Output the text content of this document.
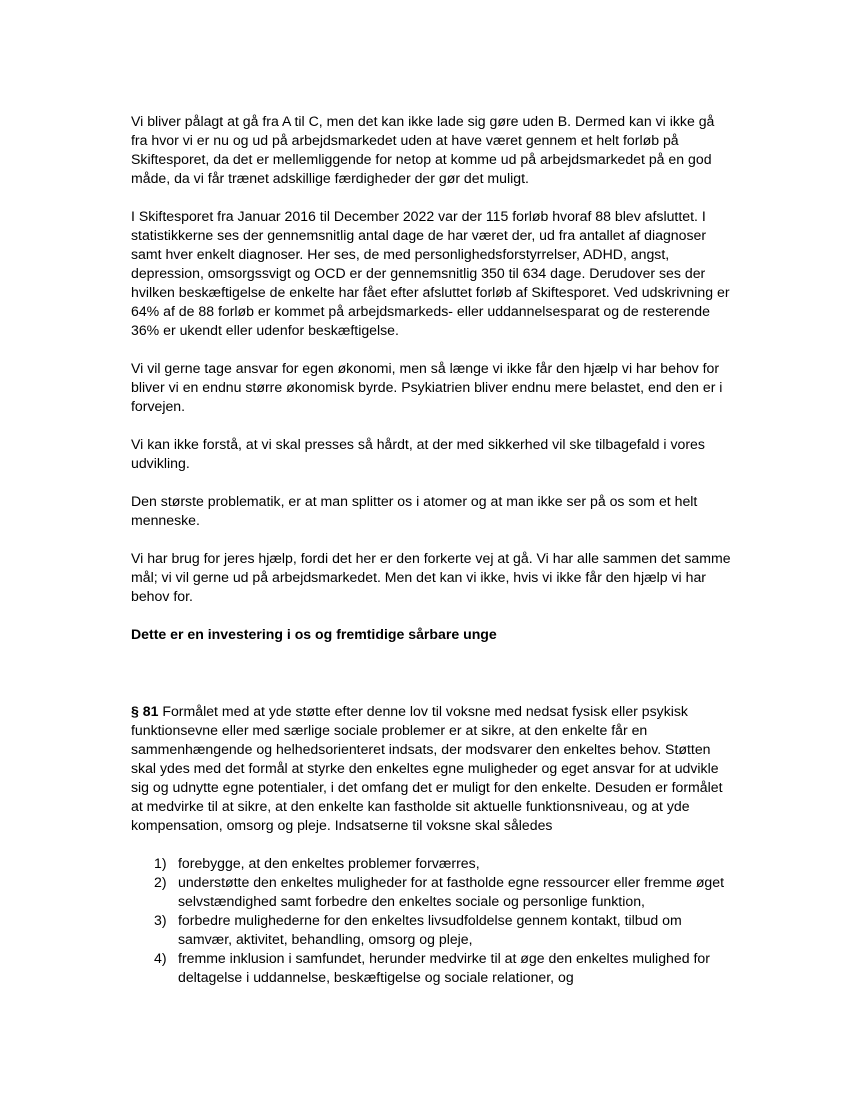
Vi bliver pålagt at gå fra A til C, men det kan ikke lade sig gøre uden B. Dermed kan vi ikke gå fra hvor vi er nu og ud på arbejdsmarkedet uden at have været gennem et helt forløb på Skiftesporet, da det er mellemliggende for netop at komme ud på arbejdsmarkedet på en god måde, da vi får trænet adskillige færdigheder der gør det muligt.

I Skiftesporet fra Januar 2016 til December 2022 var der 115 forløb hvoraf 88 blev afsluttet. I statistikkerne ses der gennemsnitlig antal dage de har været der, ud fra antallet af diagnoser samt hver enkelt diagnoser. Her ses, de med personlighedsforstyrrelser, ADHD, angst, depression, omsorgssvigt og OCD er der gennemsnitlig 350 til 634 dage. Derudover ses der hvilken beskæftigelse de enkelte har fået efter afsluttet forløb af Skiftesporet. Ved udskrivning er 64% af de 88 forløb er kommet på arbejdsmarkeds- eller uddannelsesparat og de resterende 36% er ukendt eller udenfor beskæftigelse.

Vi vil gerne tage ansvar for egen økonomi, men så længe vi ikke får den hjælp vi har behov for bliver vi en endnu større økonomisk byrde. Psykiatrien bliver endnu mere belastet, end den er i forvejen.

Vi kan ikke forstå, at vi skal presses så hårdt, at der med sikkerhed vil ske tilbagefald i vores udvikling.

Den største problematik, er at man splitter os i atomer og at man ikke ser på os som et helt menneske.

Vi har brug for jeres hjælp, fordi det her er den forkerte vej at gå. Vi har alle sammen det samme mål; vi vil gerne ud på arbejdsmarkedet. Men det kan vi ikke, hvis vi ikke får den hjælp vi har behov for.

Dette er en investering i os og fremtidige sårbare unge

§ 81 Formålet med at yde støtte efter denne lov til voksne med nedsat fysisk eller psykisk funktionsevne eller med særlige sociale problemer er at sikre, at den enkelte får en sammenhængende og helhedsorienteret indsats, der modsvarer den enkeltes behov. Støtten skal ydes med det formål at styrke den enkeltes egne muligheder og eget ansvar for at udvikle sig og udnytte egne potentialer, i det omfang det er muligt for den enkelte. Desuden er formålet at medvirke til at sikre, at den enkelte kan fastholde sit aktuelle funktionsniveau, og at yde kompensation, omsorg og pleje. Indsatserne til voksne skal således

1) forebygge, at den enkeltes problemer forværres,
2) understøtte den enkeltes muligheder for at fastholde egne ressourcer eller fremme øget selvstændighed samt forbedre den enkeltes sociale og personlige funktion,
3) forbedre mulighederne for den enkeltes livsudfoldelse gennem kontakt, tilbud om samvær, aktivitet, behandling, omsorg og pleje,
4) fremme inklusion i samfundet, herunder medvirke til at øge den enkeltes mulighed for deltagelse i uddannelse, beskæftigelse og sociale relationer, og
